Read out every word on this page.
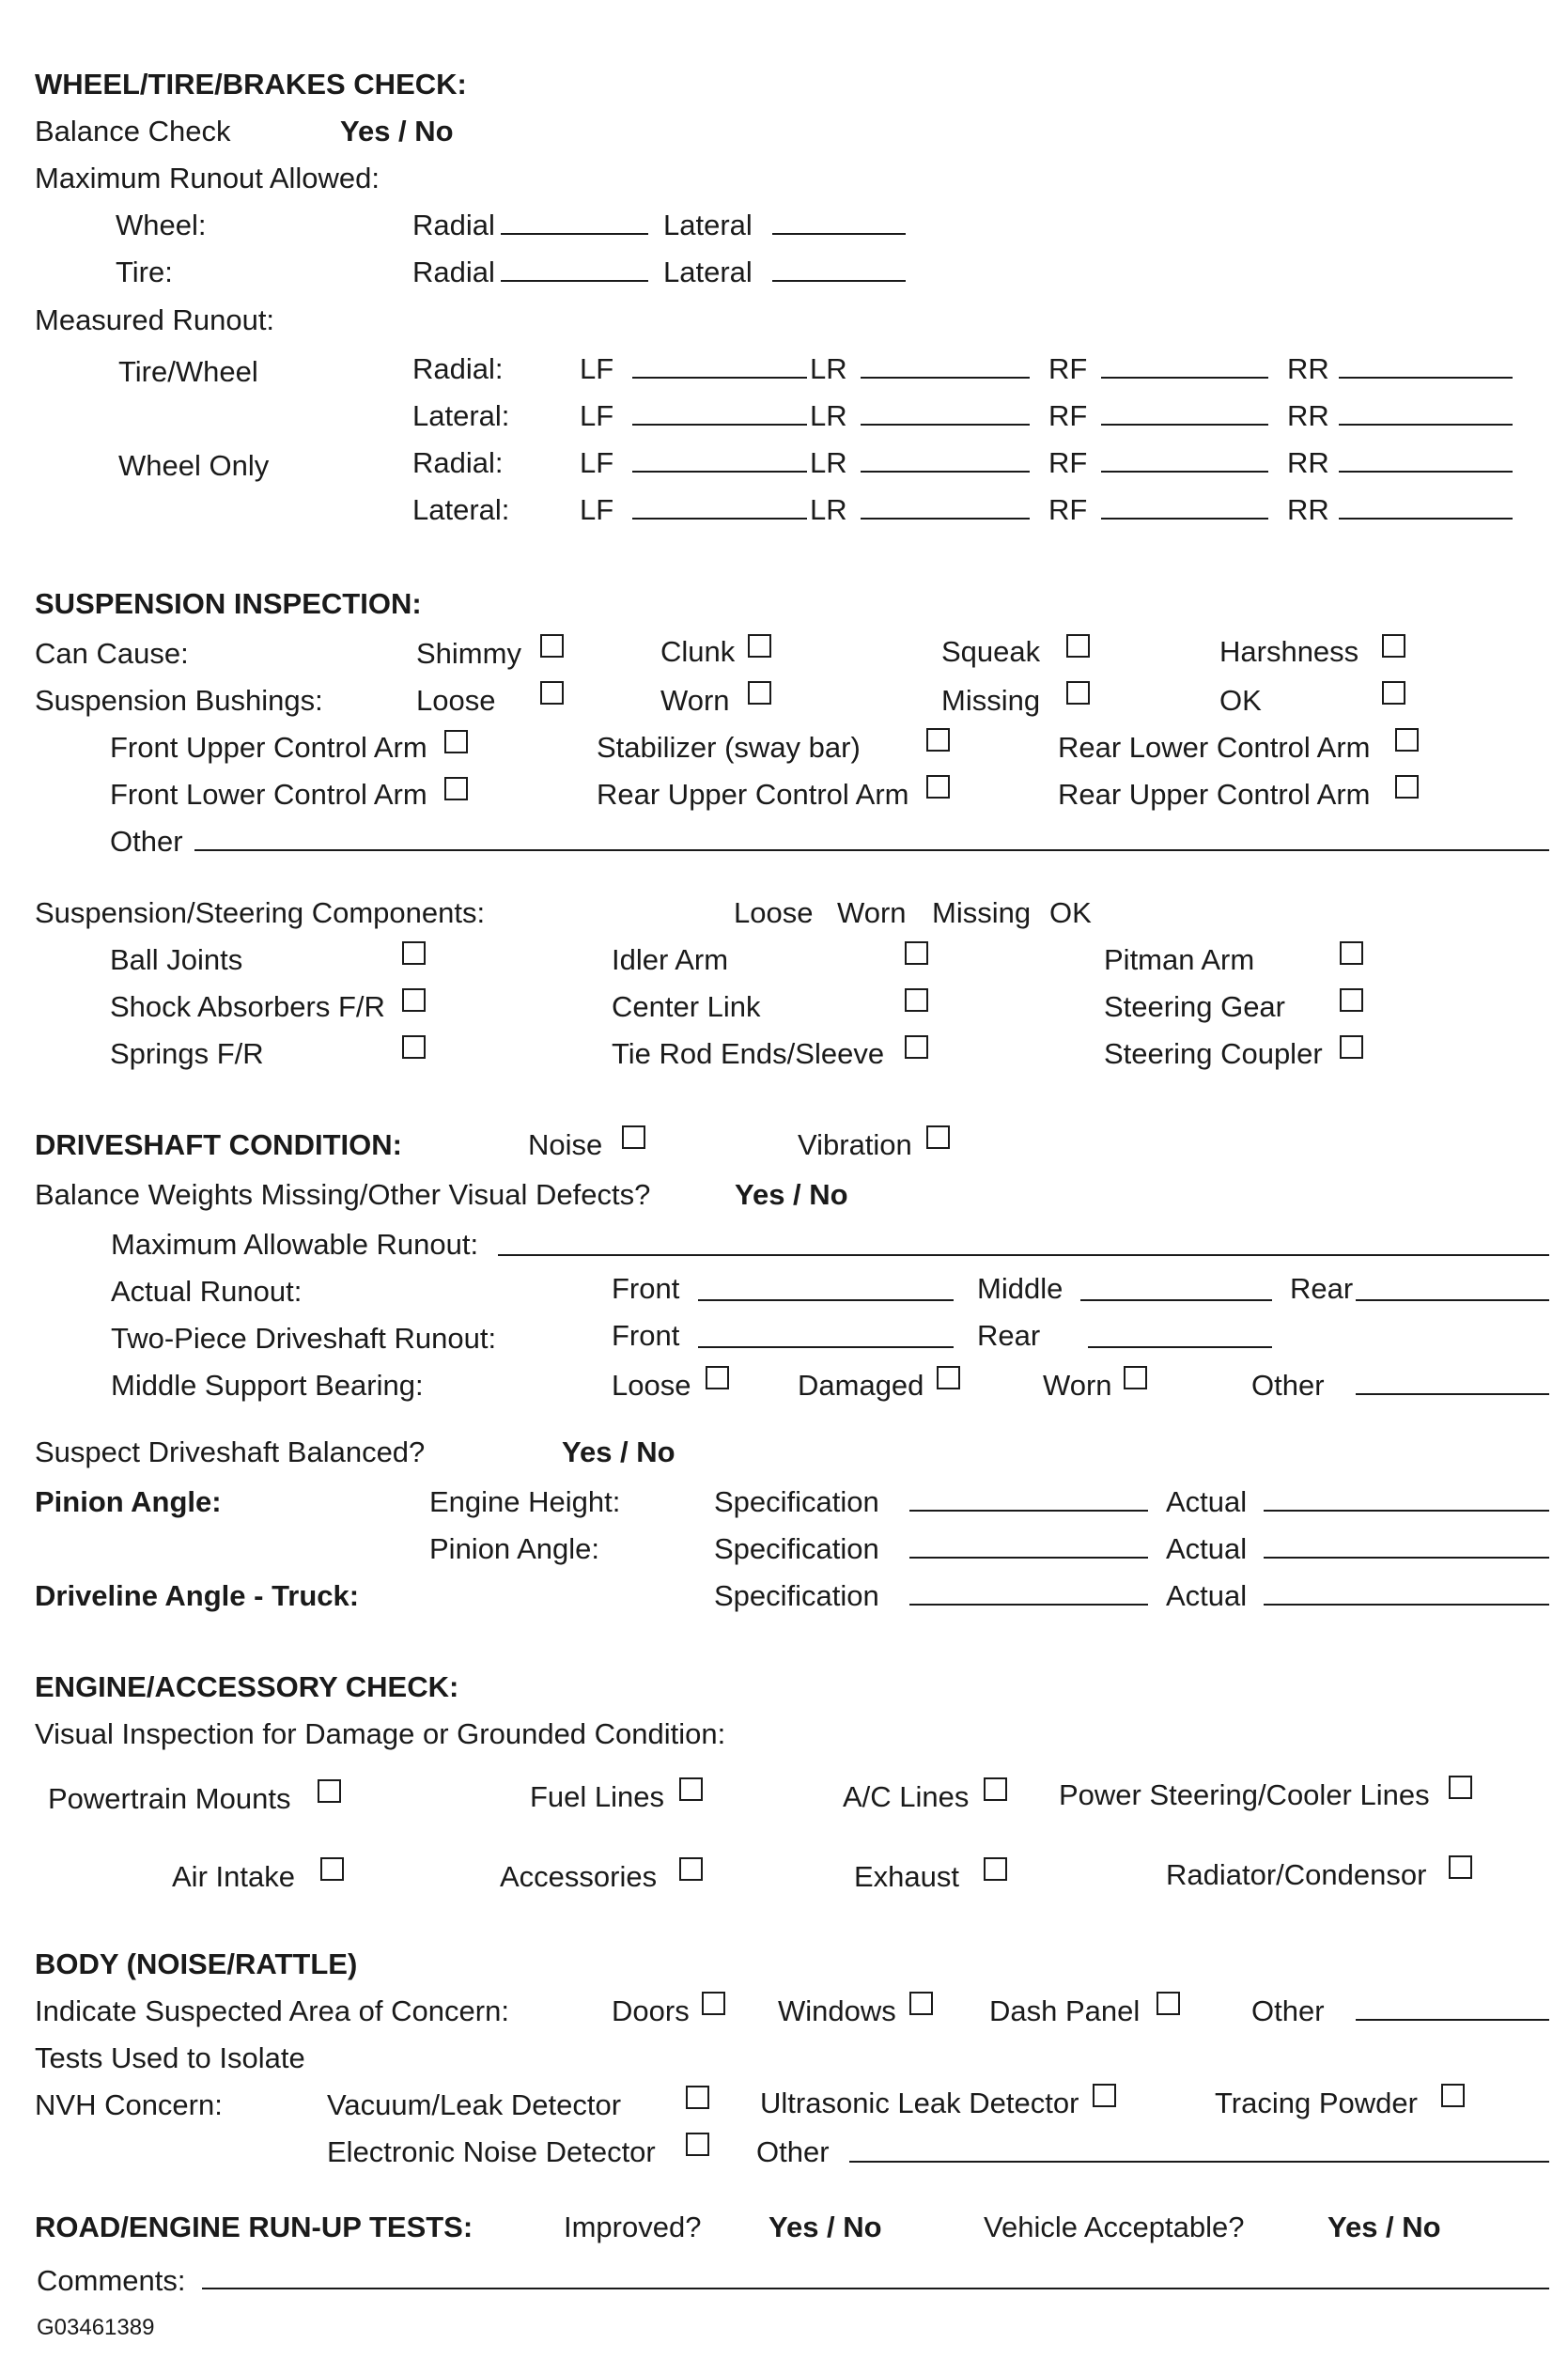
WHEEL/TIRE/BRAKES CHECK:
Balance Check	Yes / No
Maximum Runout Allowed:
Wheel:	Radial	Lateral
Tire:	Radial	Lateral
Measured Runout:
Tire/Wheel	Radial:	LF	LR	RF	RR
Lateral: LF	LR	RF	RR
Wheel Only	Radial:	LF	LR	RF	RR
Lateral: LF	LR	RF	RR
SUSPENSION INSPECTION:
Can Cause:	Shimmy	Clunk	Squeak	Harshness
Suspension Bushings:	Loose	Worn	Missing	OK
Front Upper Control Arm	Stabilizer (sway bar)	Rear Lower Control Arm
Front Lower Control Arm	Rear Upper Control Arm	Rear Upper Control Arm
Other
Suspension/Steering Components:	Loose Worn Missing OK
Ball Joints	Idler Arm	Pitman Arm
Shock Absorbers F/R	Center Link	Steering Gear
Springs F/R	Tie Rod Ends/Sleeve	Steering Coupler
DRIVESHAFT CONDITION:	Noise	Vibration
Balance Weights Missing/Other Visual Defects?	Yes / No
Maximum Allowable Runout:
Actual Runout:	Front	Middle	Rear
Two-Piece Driveshaft Runout:	Front	Rear
Middle Support Bearing:	Loose	Damaged	Worn	Other
Suspect Driveshaft Balanced?	Yes / No
Pinion Angle:	Engine Height:	Specification	Actual
Pinion Angle:	Specification	Actual
Driveline Angle - Truck:	Specification	Actual
ENGINE/ACCESSORY CHECK:
Visual Inspection for Damage or Grounded Condition:
Powertrain Mounts	Fuel Lines	A/C Lines	Power Steering/Cooler Lines
Air Intake	Accessories	Exhaust	Radiator/Condensor
BODY (NOISE/RATTLE)
Indicate Suspected Area of Concern:	Doors	Windows	Dash Panel	Other
Tests Used to Isolate
NVH Concern:	Vacuum/Leak Detector	Ultrasonic Leak Detector	Tracing Powder
Electronic Noise Detector	Other
ROAD/ENGINE RUN-UP TESTS:	Improved? Yes / No	Vehicle Acceptable?	Yes / No
Comments:
G03461389
